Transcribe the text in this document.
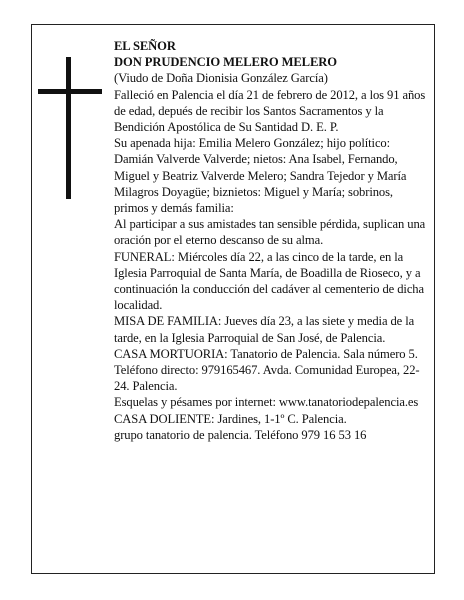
EL SEÑOR

DON PRUDENCIO MELERO MELERO

(Viudo de Doña Dionisia González García)

Falleció en Palencia el día 21 de febrero de 2012, a los 91 años de edad, depués de recibir los Santos Sacramentos y la Bendición Apostólica de Su Santidad D. E. P.

Su apenada hija: Emilia Melero González; hijo político: Damián Valverde Valverde; nietos: Ana Isabel, Fernando, Miguel y Beatriz Valverde Melero; Sandra Tejedor y María Milagros Doyagüe; biznietos: Miguel y María; sobrinos, primos y demás familia:

Al participar a sus amistades tan sensible pérdida, suplican una oración por el eterno descanso de su alma.

FUNERAL: Miércoles día 22, a las cinco de la tarde, en la Iglesia Parroquial de Santa María, de Boadilla de Rioseco, y a continuación la conducción del cadáver al cementerio de dicha localidad.

MISA DE FAMILIA: Jueves día 23, a las siete y media de la tarde, en la Iglesia Parroquial de San José, de Palencia.

CASA MORTUORIA: Tanatorio de Palencia. Sala número 5. Teléfono directo: 979165467. Avda. Comunidad Europea, 22-24. Palencia.

Esquelas y pésames por internet: www.tanatoriodepalencia.es

CASA DOLIENTE: Jardines, 1-1º C. Palencia.

grupo tanatorio de palencia. Teléfono 979 16 53 16
